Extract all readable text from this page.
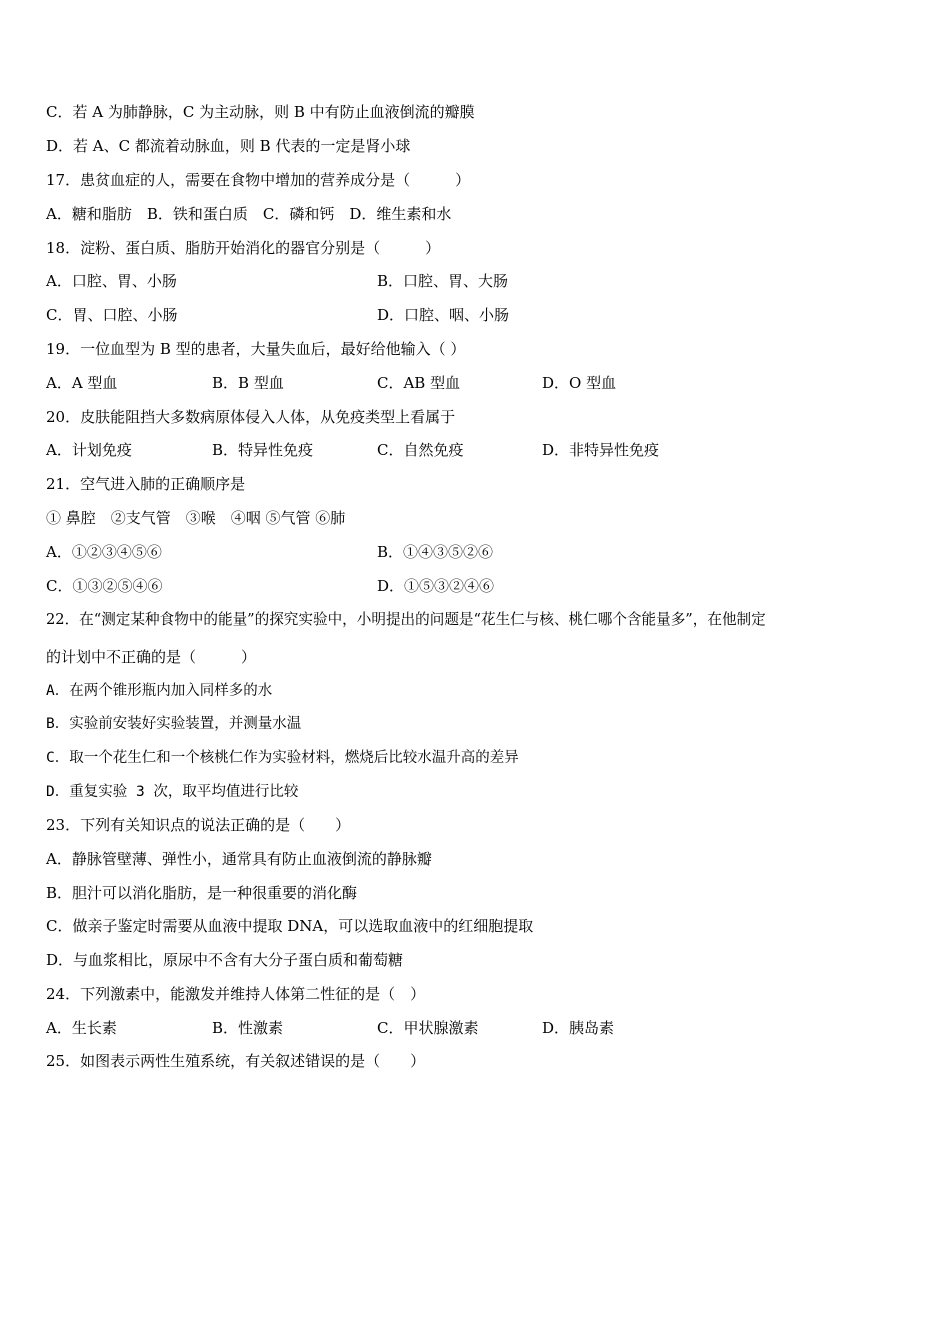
C．若 A 为肺静脉，C 为主动脉，则 B 中有防止血液倒流的瓣膜
D．若 A、C 都流着动脉血，则 B 代表的一定是肾小球
17．患贫血症的人，需要在食物中增加的营养成分是（　　　）
A．糖和脂肪　B．铁和蛋白质　C．磷和钙　D．维生素和水
18．淀粉、蛋白质、脂肪开始消化的器官分别是（　　　）
A．口腔、胃、小肠	B．口腔、胃、大肠
C．胃、口腔、小肠	D．口腔、咽、小肠
19．一位血型为 B 型的患者，大量失血后，最好给他输入（ ）
A．A 型血	B．B 型血	C．AB 型血	D．O 型血
20．皮肤能阻挡大多数病原体侵入人体，从免疫类型上看属于
A．计划免疫	B．特异性免疫	C．自然免疫	D．非特异性免疫
21．空气进入肺的正确顺序是
① 鼻腔　②支气管　③喉　④咽 ⑤气管 ⑥肺
A．①②③④⑤⑥	B．①④③⑤②⑥
C．①③②⑤④⑥	D．①⑤③②④⑥
22．在“测定某种食物中的能量”的探究实验中，小明提出的问题是“花生仁与核、桃仁哪个含能量多”，在他制定
的计划中不正确的是（　　　）
A．在两个锥形瓶内加入同样多的水
B．实验前安装好实验装置，并测量水温
C．取一个花生仁和一个核桃仁作为实验材料，燃烧后比较水温升高的差异
D．重复实验 3 次，取平均值进行比较
23．下列有关知识点的说法正确的是（　　）
A．静脉管壁薄、弹性小，通常具有防止血液倒流的静脉瓣
B．胆汁可以消化脂肪，是一种很重要的消化酶
C．做亲子鉴定时需要从血液中提取 DNA，可以选取血液中的红细胞提取
D．与血浆相比，原尿中不含有大分子蛋白质和葡萄糖
24．下列激素中，能激发并维持人体第二性征的是（　）
A．生长素	B．性激素	C．甲状腺激素	D．胰岛素
25．如图表示两性生殖系统，有关叙述错误的是（　　）
